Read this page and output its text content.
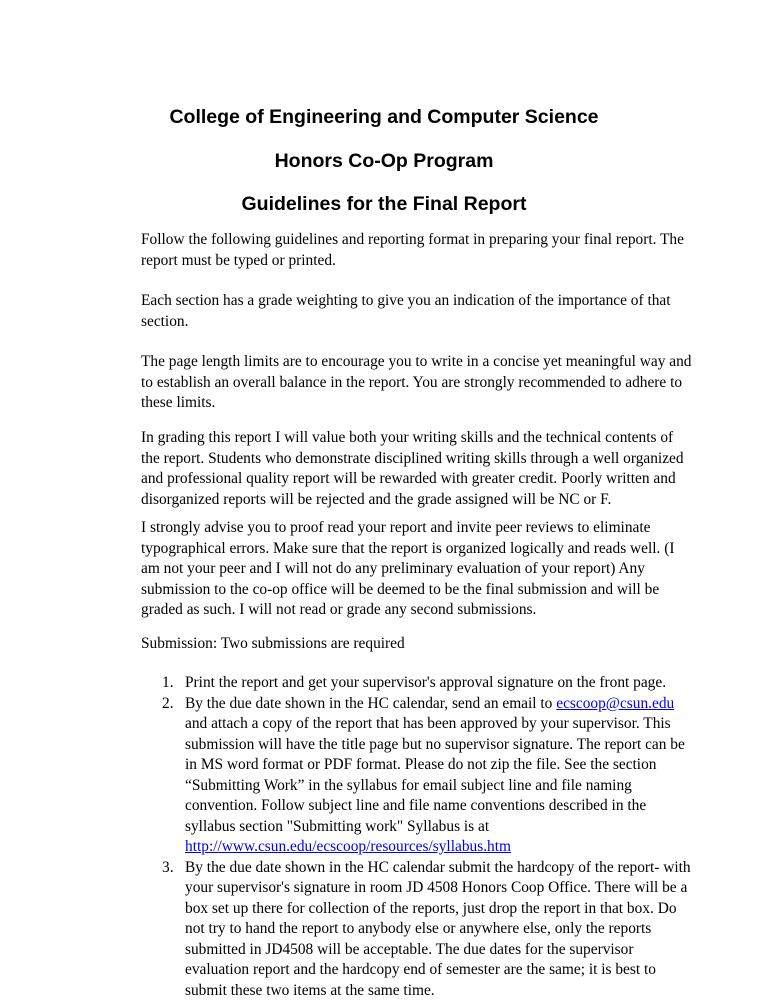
College of Engineering and Computer Science
Honors Co-Op Program
Guidelines for the Final Report

Follow the following guidelines and reporting format in preparing your final report. The
report must be typed or printed.

Each section has a grade weighting to give you an indication of the importance of that
section.

The page length limits are to encourage you to write in a concise yet meaningful way and
to establish an overall balance in the report. You are strongly recommended to adhere to
these limits.

In grading this report I will value both your writing skills and the technical contents of
the report. Students who demonstrate disciplined writing skills through a well organized
and professional quality report will be rewarded with greater credit. Poorly written and
disorganized reports will be rejected and the grade assigned will be NC or F.

I strongly advise you to proof read your report and invite peer reviews to eliminate
typographical errors. Make sure that the report is organized logically and reads well. (I
am not your peer and I will not do any preliminary evaluation of your report) Any
submission to the co-op office will be deemed to be the final submission and will be
graded as such. I will not read or grade any second submissions.

Submission: Two submissions are required

1. Print the report and get your supervisor's approval signature on the front page.
2. By the due date shown in the HC calendar, send an email to ecscoop@csun.edu
and attach a copy of the report that has been approved by your supervisor. This
submission will have the title page but no supervisor signature. The report can be
in MS word format or PDF format. Please do not zip the file. See the section
“Submitting Work” in the syllabus for email subject line and file naming
convention. Follow subject line and file name conventions described in the
syllabus section "Submitting work" Syllabus is at
http://www.csun.edu/ecscoop/resources/syllabus.htm
3. By the due date shown in the HC calendar submit the hardcopy of the report- with
your supervisor's signature in room JD 4508 Honors Coop Office. There will be a
box set up there for collection of the reports, just drop the report in that box. Do
not try to hand the report to anybody else or anywhere else, only the reports
submitted in JD4508 will be acceptable. The due dates for the supervisor
evaluation report and the hardcopy end of semester are the same; it is best to
submit these two items at the same time.
